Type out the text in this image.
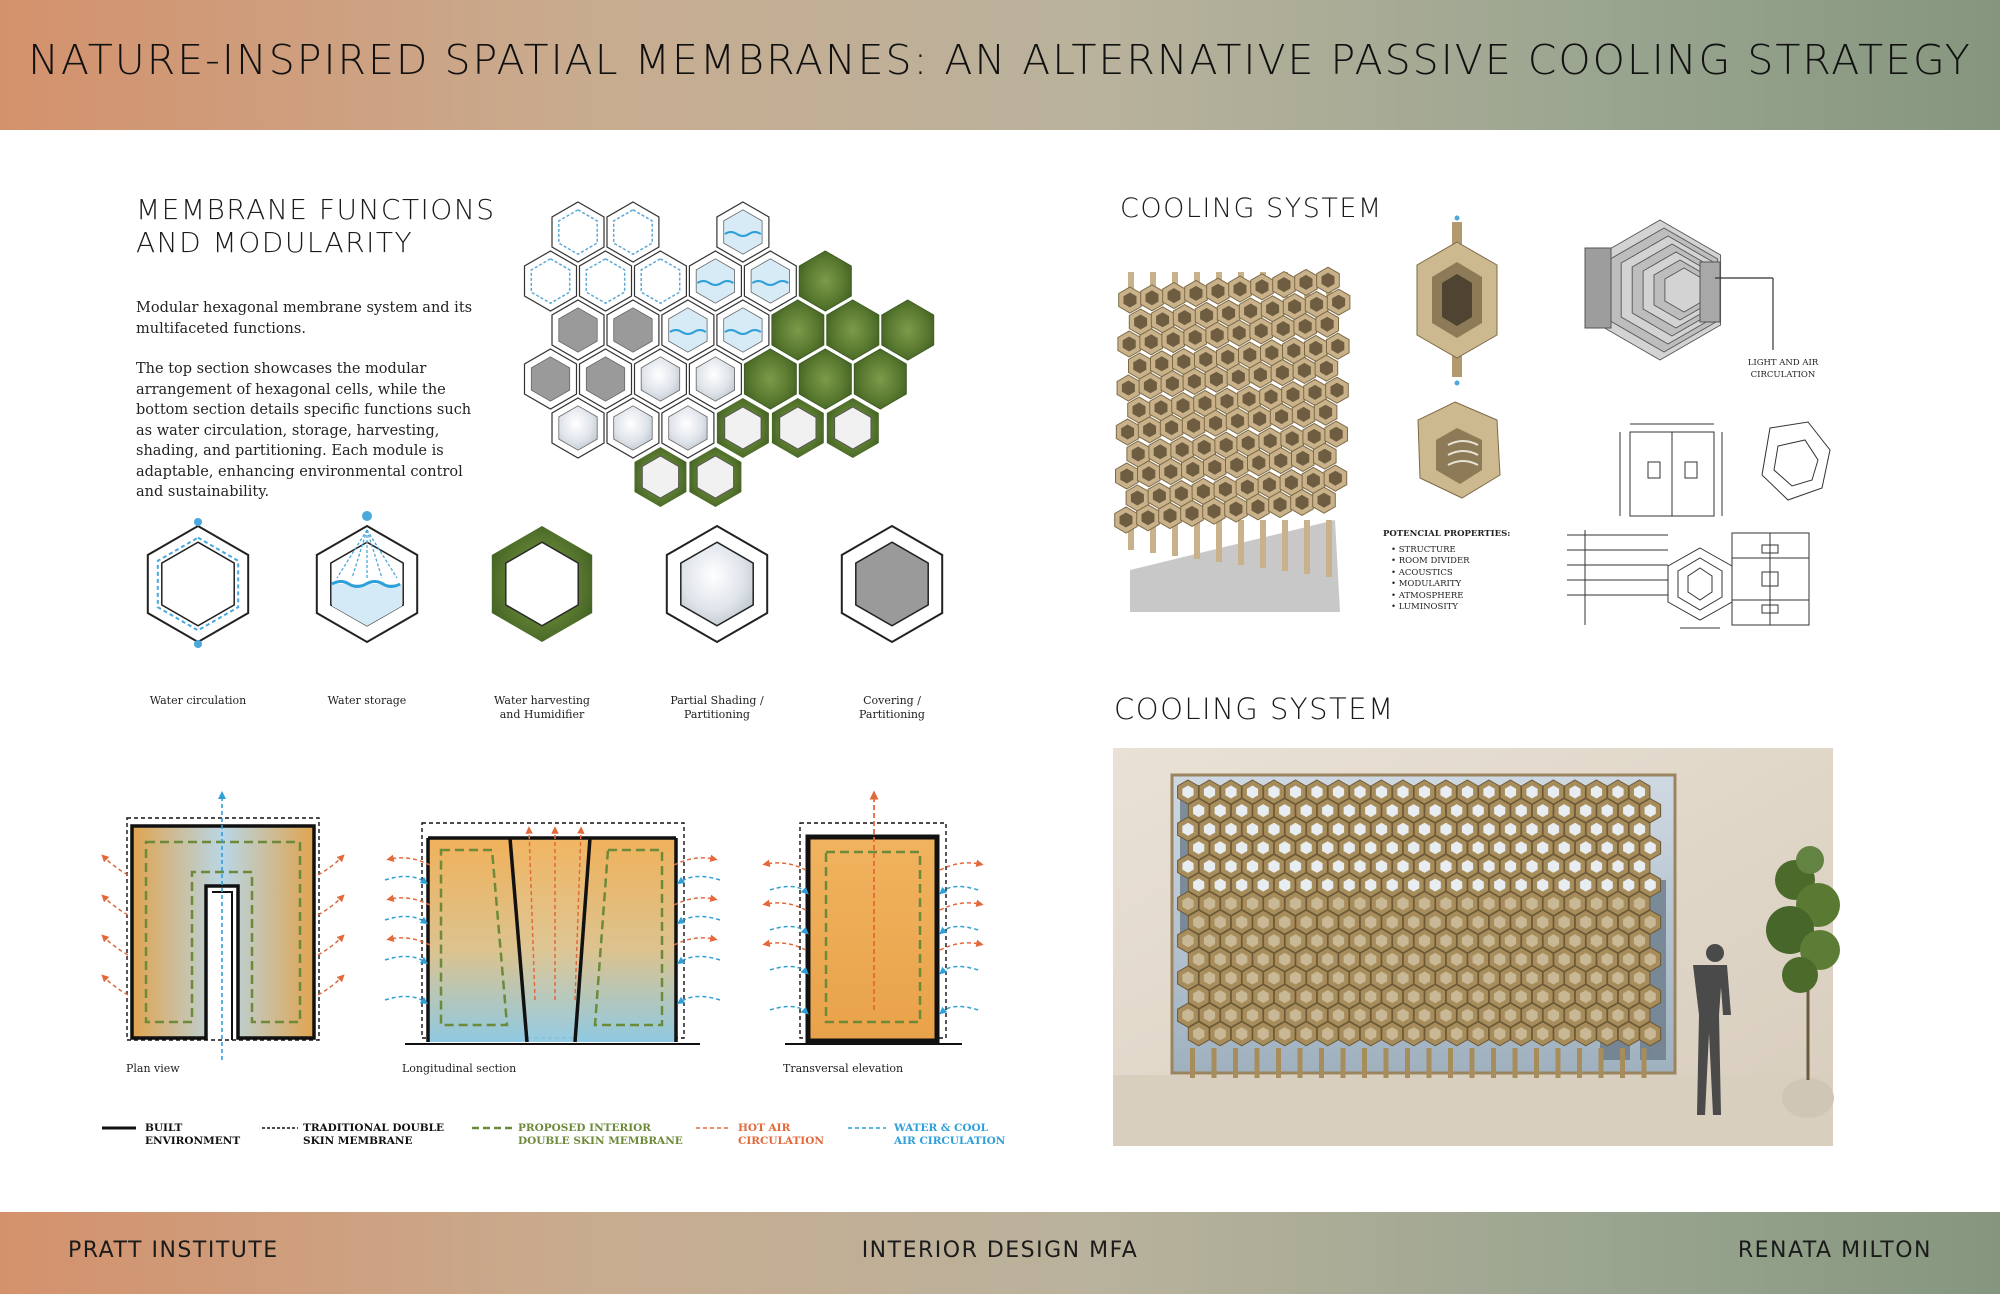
NATURE-INSPIRED SPATIAL MEMBRANES: AN ALTERNATIVE PASSIVE COOLING STRATEGY
MEMBRANE FUNCTIONS
AND MODULARITY
Modular hexagonal membrane system and its multifaceted functions.
The top section showcases the modular arrangement of hexagonal cells, while the bottom section details specific functions such as water circulation, storage, harvesting, shading, and partitioning. Each module is adaptable, enhancing environmental control and sustainability.
Water circulation	Water storage	Water harvesting and Humidifier
Partial Shading / Partitioning
Covering / Partitioning
Plan view	Longitudinal section	Transversal elevation
BUILT
ENVIRONMENT
TRADITIONAL DOUBLE
SKIN MEMBRANE
PROPOSED INTERIOR
DOUBLE SKIN MEMBRANE
HOT AIR
CIRCULATION
WATER & COOL
AIR CIRCULATION
COOLING SYSTEM
COOLING SYSTEM
LIGHT AND AIR
CIRCULATION
POTENCIAL PROPERTIES:
• STRUCTURE
• ROOM DIVIDER
• ACOUSTICS
• MODULARITY
• ATMOSPHERE
• LUMINOSITY
PRATT INSTITUTE	INTERIOR DESIGN MFA	RENATA MILTON
